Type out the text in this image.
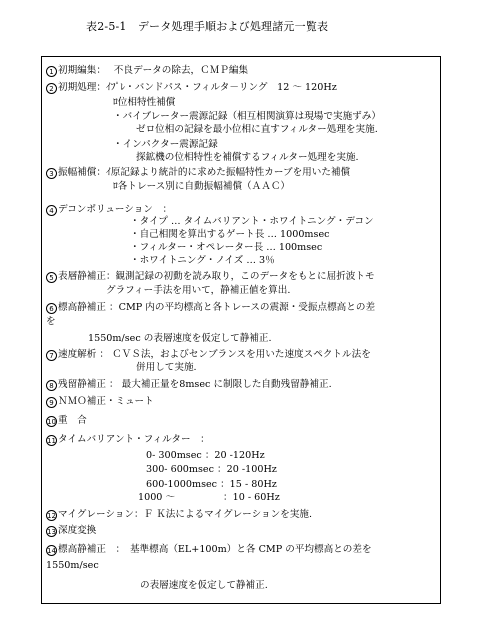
表2-5-1　データ処理手順および処理諸元一覧表
1 初期編集：　 不良データの除去，ＣＭＰ編集
2 初期処理：ｲﾌﾟﾚ・バンドパス・フィルタ－リング　12 ～ 120Hz
ﾛ位相特性補償
・バイブレーター震源記録（相互相関演算は現場で実施ずみ）
ゼロ位相の記録を最小位相に直すフィルター処理を実施.
・インパクター震源記録
探鉱機の位相特性を補償するフィルター処理を実施.
3 振幅補償：ｲ原記録より統計的に求めた振幅特性カーブを用いた補償
ﾛ各トレース別に自動振幅補償（ＡＡＣ）
4 デコンボリューション　：
・タイプ … タイムバリアント・ホワイトニング・デコン
・自己相関を算出するゲート長 … 1000msec
・フィルター・オペレーター長 … 100msec
・ホワイトニング・ノイズ … 3％
5 表層静補正：観測記録の初動を読み取り，このデータをもとに屈折波トモ
グラフィー手法を用いて，静補正値を算出.
6 標高静補正 ：CMP 内の平均標高と各トレースの震源・受振点標高との差
を
1550m/sec の表層速度を仮定して静補正.
7 速度解析 ： ＣＶＳ法，およびセンブランスを用いた速度スペクトル法を
併用して実施.
8 残留静補正 ： 最大補正量を8msec に制限した自動残留静補正.
9 ＮＭＯ補正・ミュート
10 重　合
11 タイムバリアント・フィルター　：
0- 300msec ：20 -120Hz
300- 600msec ：20 -100Hz
600-1000msec ：15 - 80Hz
1000 ～　　　　　：10 - 60Hz
12 マイグレーション：Ｆ Ｋ法によるマイグレーションを実施.
13 深度変換
14 標高静補正　：　基準標高（EL+100m）と各 CMP の平均標高との差を
1550m/sec
の表層速度を仮定して静補正.
